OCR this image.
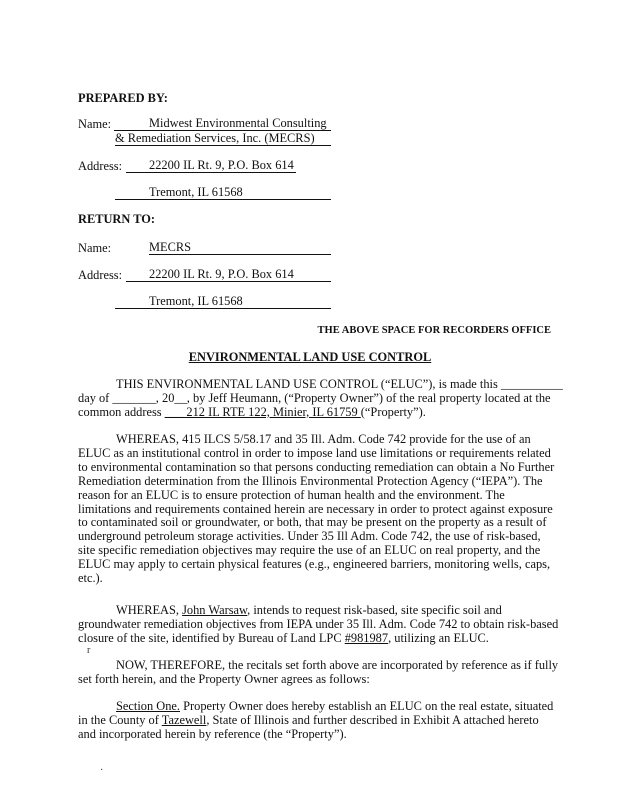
PREPARED BY:
Name:	Midwest Environmental Consulting
& Remediation Services, Inc. (MECRS)
Address:	22200 IL Rt. 9, P.O. Box 614
Tremont, IL 61568
RETURN TO:
Name:	MECRS
Address:	22200 IL Rt. 9, P.O. Box 614
Tremont, IL 61568
THE ABOVE SPACE FOR RECORDERS OFFICE
ENVIRONMENTAL LAND USE CONTROL
THIS ENVIRONMENTAL LAND USE CONTROL (“ELUC”), is made this __________
day of _______, 20__, by Jeff Heumann, (“Property Owner”) of the real property located at the
common address ___ 212 IL RTE 122, Minier, IL 61759 (“Property”).
WHEREAS, 415 ILCS 5/58.17 and 35 Ill. Adm. Code 742 provide for the use of an
ELUC as an institutional control in order to impose land use limitations or requirements related
to environmental contamination so that persons conducting remediation can obtain a No Further
Remediation determination from the Illinois Environmental Protection Agency (“IEPA”). The
reason for an ELUC is to ensure protection of human health and the environment. The
limitations and requirements contained herein are necessary in order to protect against exposure
to contaminated soil or groundwater, or both, that may be present on the property as a result of
underground petroleum storage activities. Under 35 Ill Adm. Code 742, the use of risk-based,
site specific remediation objectives may require the use of an ELUC on real property, and the
ELUC may apply to certain physical features (e.g., engineered barriers, monitoring wells, caps,
etc.).
WHEREAS, John Warsaw, intends to request risk-based, site specific soil and
groundwater remediation objectives from IEPA under 35 Ill. Adm. Code 742 to obtain risk-based
closure of the site, identified by Bureau of Land LPC #981987, utilizing an ELUC.
NOW, THEREFORE, the recitals set forth above are incorporated by reference as if fully
set forth herein, and the Property Owner agrees as follows:
Section One. Property Owner does hereby establish an ELUC on the real estate, situated
in the County of Tazewell, State of Illinois and further described in Exhibit A attached hereto
and incorporated herein by reference (the “Property”).
r
·
